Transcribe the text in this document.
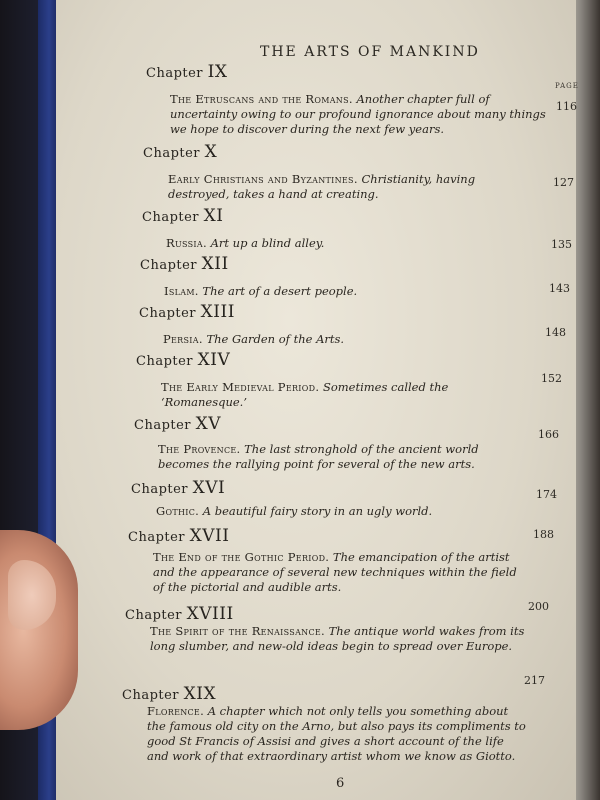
THE ARTS OF MANKIND
PAGE
Chapter IX
The Etruscans and the Romans. Another chapter full of uncertainty owing to our profound ignorance about many things we hope to discover during the next few years.
116
Chapter X
Early Christians and Byzantines. Christianity, having destroyed, takes a hand at creating.
127
Chapter XI
Russia. Art up a blind alley.	135
Chapter XII
Islam. The art of a desert people.	143
Chapter XIII
Persia. The Garden of the Arts.	148
Chapter XIV
The Early Medieval Period. Sometimes called the ‘Romanesque.’
152
Chapter XV
The Provence. The last stronghold of the ancient world becomes the rallying point for several of the new arts.
166
Chapter XVI
Gothic. A beautiful fairy story in an ugly world.
174
Chapter XVII
The End of the Gothic Period. The emancipation of the artist and the appearance of several new techniques within the field of the pictorial and audible arts.
188
Chapter XVIII
The Spirit of the Renaissance. The antique world wakes from its long slumber, and new-old ideas begin to spread over Europe.
200
Chapter XIX
Florence. A chapter which not only tells you something about the famous old city on the Arno, but also pays its compliments to good St Francis of Assisi and gives a short account of the life and work of that extraordinary artist whom we know as Giotto.
217
6
